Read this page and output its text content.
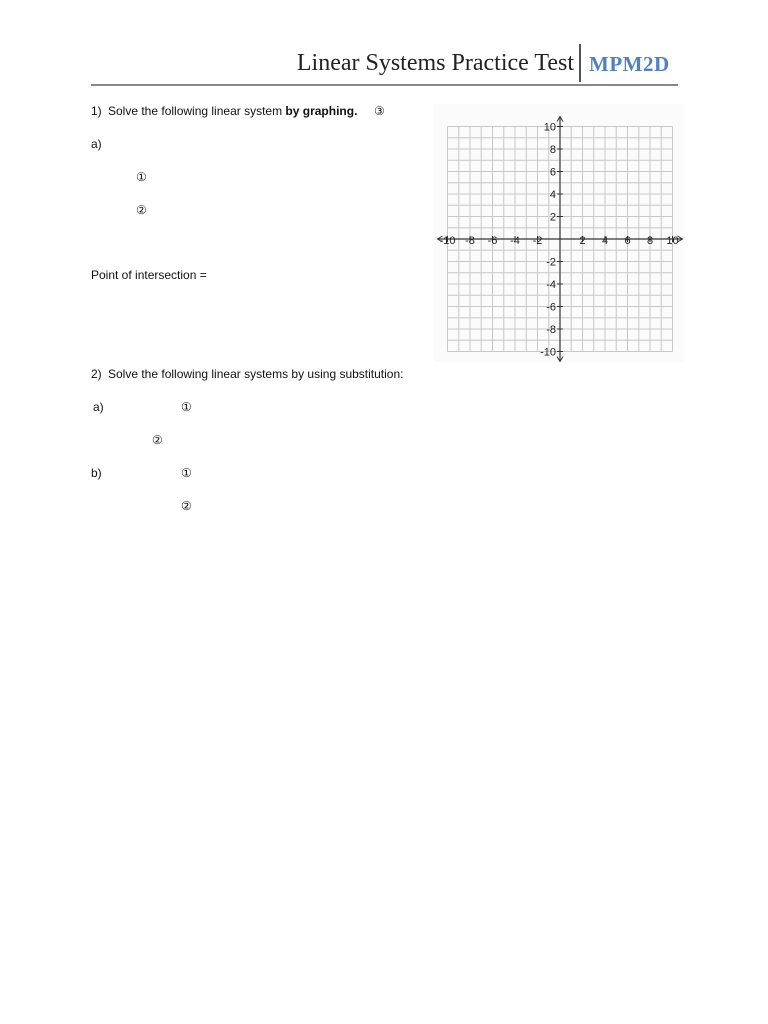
Linear Systems Practice Test MPM2D
1) Solve the following linear system by graphing. ③
a)
①
②
Point of intersection =
-10 -8 -6 -4 -2	2 4 6 8 10
10
8
6
4
2
-2
-4
-6
-8
-10
2) Solve the following linear systems by using substitution:
a)	①
②
b)	①
②
